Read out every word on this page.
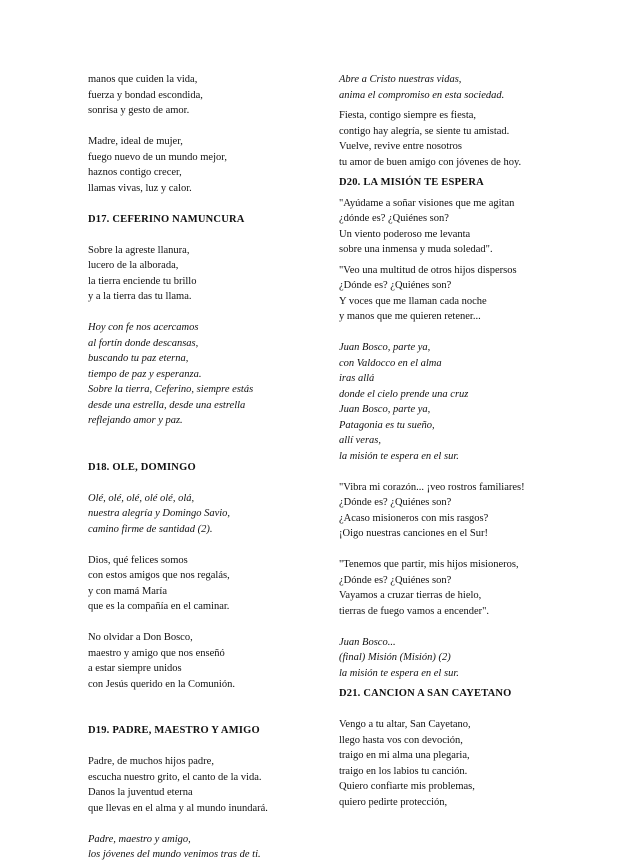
manos que cuiden la vida,
fuerza y bondad escondida,
sonrisa y gesto de amor.
Madre, ideal de mujer,
fuego nuevo de un mundo mejor,
haznos contigo crecer,
llamas vivas, luz y calor.
D17. CEFERINO NAMUNCURA
Sobre la agreste llanura,
lucero de la alborada,
la tierra enciende tu brillo
y a la tierra das tu llama.
Hoy con fe nos acercamos
al fortín donde descansas,
buscando tu paz eterna,
tiempo de paz y esperanza.
Sobre la tierra, Ceferino, siempre estás
desde una estrella, desde una estrella
reflejando amor y paz.
D18. OLE, DOMINGO
Olé, olé, olé, olé olé, olá,
nuestra alegría y Domingo Savio,
camino firme de santidad (2).
Dios, qué felices somos
con estos amigos que nos regalás,
y con mamá María
que es la compañía en el caminar.
No olvidar a Don Bosco,
maestro y amigo que nos enseñó
a estar siempre unidos
con Jesús querido en la Comunión.
D19. PADRE, MAESTRO Y AMIGO
Padre, de muchos hijos padre,
escucha nuestro grito, el canto de la vida.
Danos la juventud eterna
que llevas en el alma y al mundo inundará.
Padre, maestro y amigo,
los jóvenes del mundo venimos tras de ti.
Abre a Cristo nuestras vidas,
anima el compromiso en esta sociedad.
Fiesta, contigo siempre es fiesta,
contigo hay alegría, se siente tu amistad.
Vuelve, revive entre nosotros
tu amor de buen amigo con jóvenes de hoy.
D20. LA MISIÓN TE ESPERA
"Ayúdame a soñar visiones que me agitan
¿dónde es? ¿Quiénes son?
Un viento poderoso me levanta
sobre una inmensa y muda soledad".
"Veo una multitud de otros hijos dispersos
¿Dónde es? ¿Quiénes son?
Y voces que me llaman cada noche
y manos que me quieren retener...
Juan Bosco, parte ya,
con Valdocco en el alma
iras allá
donde el cielo prende una cruz
Juan Bosco, parte ya,
Patagonia es tu sueño,
allí veras,
la misión te espera en el sur.
"Vibra mi corazón... ¡veo rostros familiares!
¿Dónde es? ¿Quiénes son?
¿Acaso misioneros con mis rasgos?
¡Oigo nuestras canciones en el Sur!
"Tenemos que partir, mis hijos misioneros,
¿Dónde es? ¿Quiénes son?
Vayamos a cruzar tierras de hielo,
tierras de fuego vamos a encender".
Juan Bosco...
(final) Misión (Misión) (2)
la misión te espera en el sur.
D21. CANCION A SAN CAYETANO
Vengo a tu altar, San Cayetano,
llego hasta vos con devoción,
traigo en mi alma una plegaria,
traigo en los labios tu canción.
Quiero confiarte mis problemas,
quiero pedirte protección,
